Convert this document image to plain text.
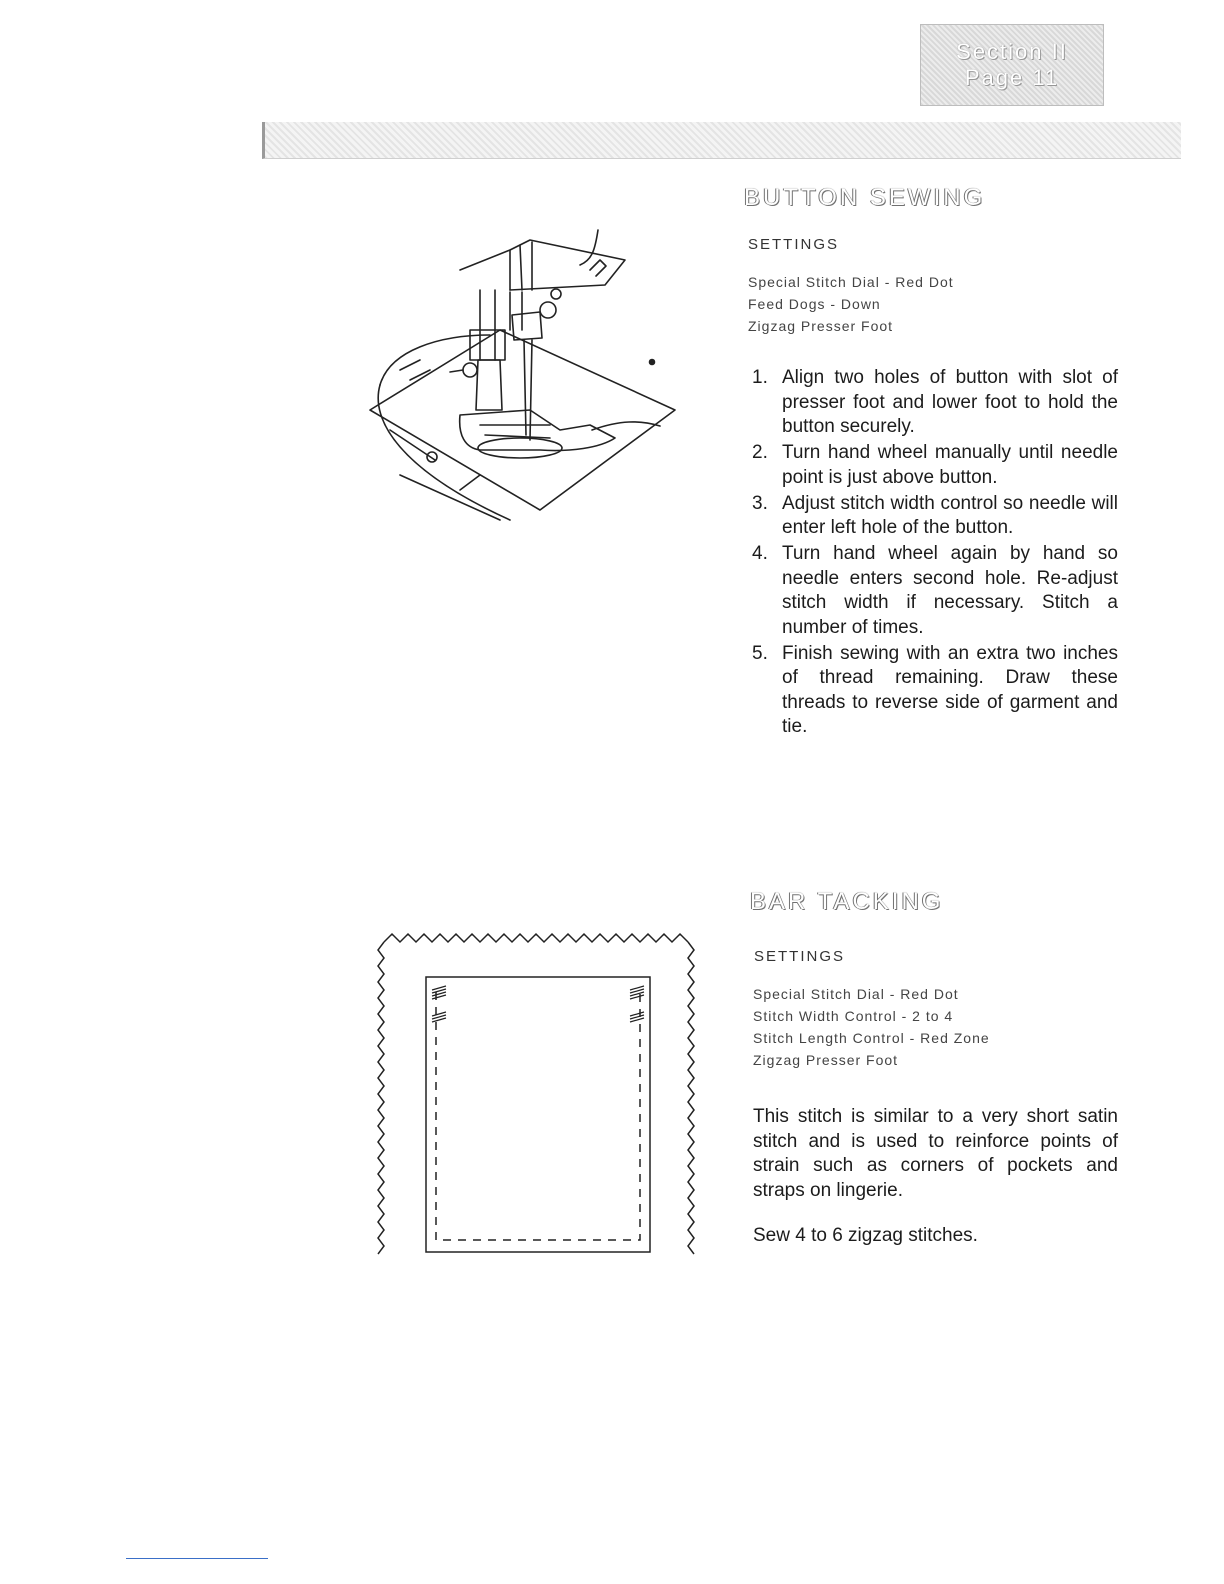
Section II
Page 11
BUTTON SEWING
SETTINGS
Special Stitch Dial - Red Dot
Feed Dogs - Down
Zigzag Presser Foot
1. Align two holes of button with slot of presser foot and lower foot to hold the button securely.
2. Turn hand wheel manually until needle point is just above button.
3. Adjust stitch width control so needle will enter left hole of the button.
4. Turn hand wheel again by hand so needle enters second hole. Re-adjust stitch width if necessary. Stitch a number of times.
5. Finish sewing with an extra two inches of thread remaining. Draw these threads to reverse side of garment and tie.
BAR TACKING
SETTINGS
Special Stitch Dial - Red Dot
Stitch Width Control - 2 to 4
Stitch Length Control - Red Zone
Zigzag Presser Foot

This stitch is similar to a very short satin stitch and is used to reinforce points of strain such as corners of pockets and straps on lingerie.

Sew 4 to 6 zigzag stitches.
